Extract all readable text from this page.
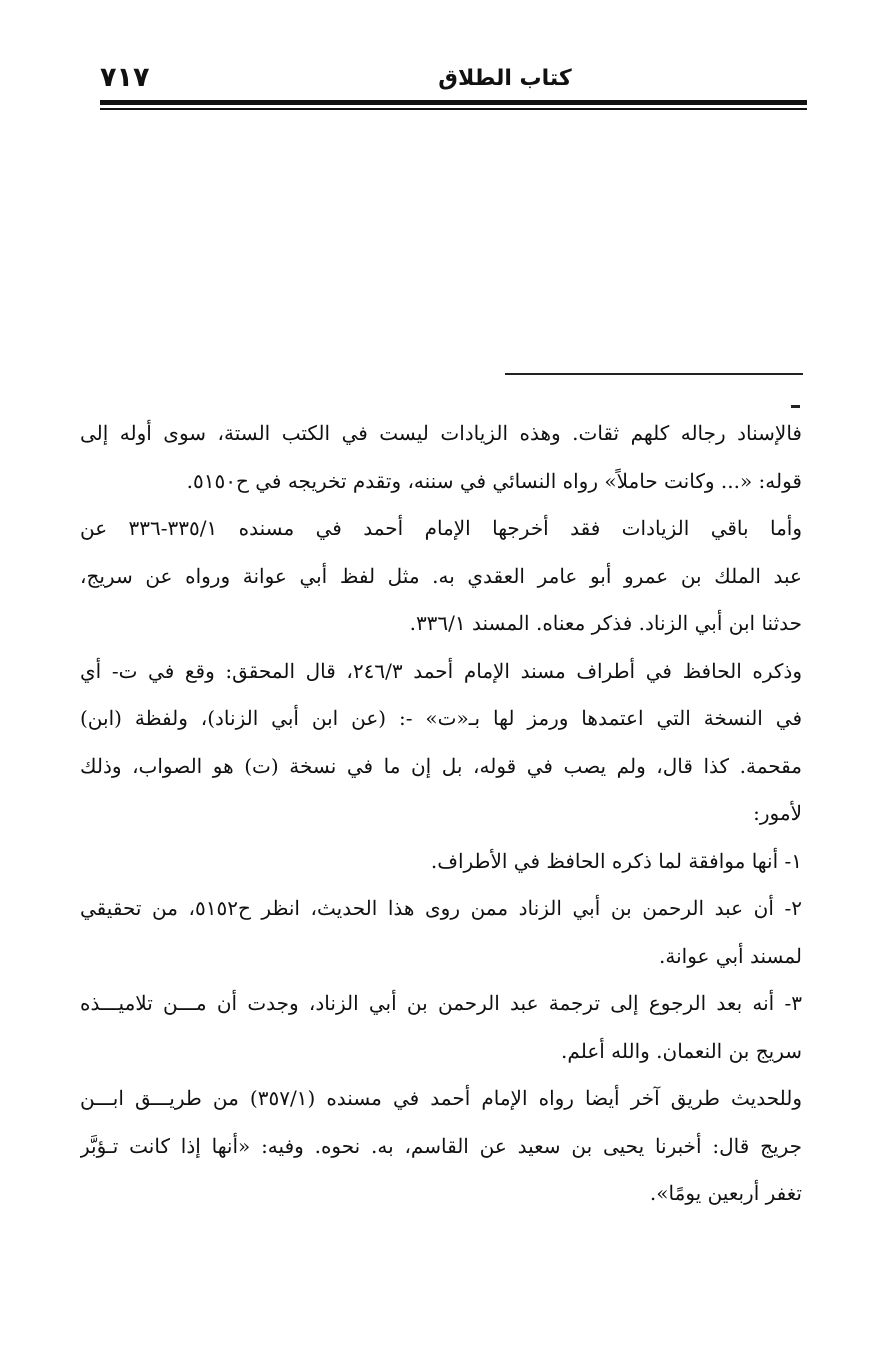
٧١٧	كتاب الطلاق
فالإسناد رجاله كلهم ثقات. وهذه الزيادات ليست في الكتب الستة، سوى أوله إلى
قوله: «... وكانت حاملاً» رواه النسائي في سننه، وتقدم تخريجه في ح٥١٥٠.
وأما باقي الزيادات فقد أخرجها الإمام أحمد في مسنده ٣٣٥/١-٣٣٦ عن
عبد الملك بن عمرو أبو عامر العقدي به. مثل لفظ أبي عوانة ورواه عن سريج،
حدثنا ابن أبي الزناد. فذكر معناه. المسند ٣٣٦/١.
وذكره الحافظ في أطراف مسند الإمام أحمد ٢٤٦/٣، قال المحقق: وقع في ت- أي
في النسخة التي اعتمدها ورمز لها بـ«ت» -: (عن ابن أبي الزناد)، ولفظة (ابن)
مقحمة. كذا قال، ولم يصب في قوله، بل إن ما في نسخة (ت) هو الصواب، وذلك
لأمور:
١- أنها موافقة لما ذكره الحافظ في الأطراف.
٢- أن عبد الرحمن بن أبي الزناد ممن روى هذا الحديث، انظر ح٥١٥٢، من تحقيقي
لمسند أبي عوانة.
٣- أنه بعد الرجوع إلى ترجمة عبد الرحمن بن أبي الزناد، وجدت أن مـــن تلاميـــذه
سريج بن النعمان. والله أعلم.
وللحديث طريق آخر أيضا رواه الإمام أحمد في مسنده (٣٥٧/١) من طريـــق ابـــن
جريج قال: أخبرنا يحيى بن سعيد عن القاسم، به. نحوه. وفيه: «أنها إذا كانت تـؤبَّر
تغفر أربعين يومًا».
